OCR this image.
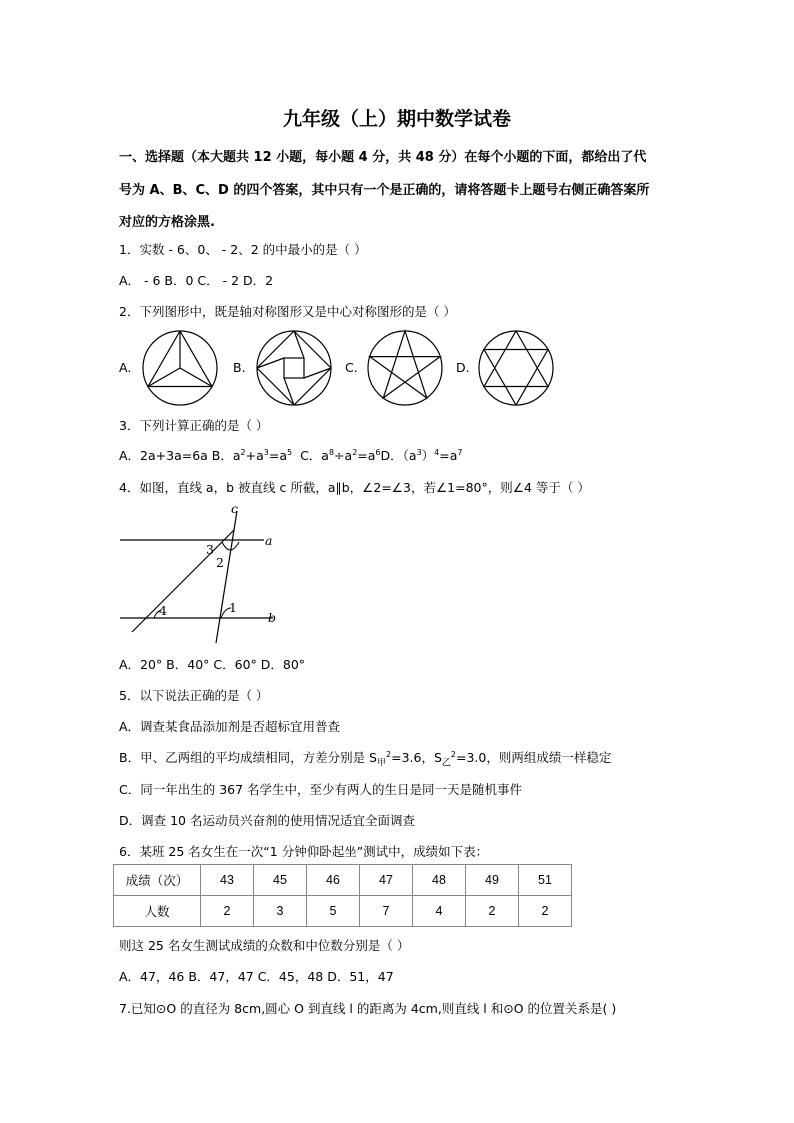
九年级（上）期中数学试卷
一、选择题（本大题共 12 小题，每小题 4 分，共 48 分）在每个小题的下面，都给出了代
号为 A、B、C、D 的四个答案，其中只有一个是正确的，请将答题卡上题号右侧正确答案所
对应的方格涂黑.
1．实数 - 6、0、 - 2、2 的中最小的是（ ）
A． - 6 B．0 C． - 2 D．2
2．下列图形中，既是轴对称图形又是中心对称图形的是（ ）
A.	B.	C.	D.
3．下列计算正确的是（ ）
A．2a+3a=6a B．$a^2+a^3=a^5$ C．$a^8\div a^2=a^6D$．$(a^3)^4=a^7$
4．如图，直线 a，b 被直线 c 所截，a∥b，∠2=∠3，若∠1=80°，则∠4 等于（ ）
c
a
b
3
2
1
4
A．20° B．40° C．60° D．80°
5．以下说法正确的是（ ）
A．调查某食品添加剂是否超标宜用普查
B．甲、乙两组的平均成绩相同，方差分别是 $S_甲^2=3.6$，$S_乙^2=3.0$，则两组成绩一样稳定
C．同一年出生的 367 名学生中，至少有两人的生日是同一天是随机事件
D．调查 10 名运动员兴奋剂的使用情况适宜全面调查
6．某班 25 名女生在一次“1 分钟仰卧起坐”测试中，成绩如下表：
成绩（次）	43	45	46	47	48	49	51
人数	2	3	5	7	4	2	2
则这 25 名女生测试成绩的众数和中位数分别是（ ）
A．47，46 B．47，47 C．45，48 D．51，47
7.已知⊙O 的直径为 8cm,圆心 O 到直线 l 的距离为 4cm,则直线 l 和⊙O 的位置关系是( )
